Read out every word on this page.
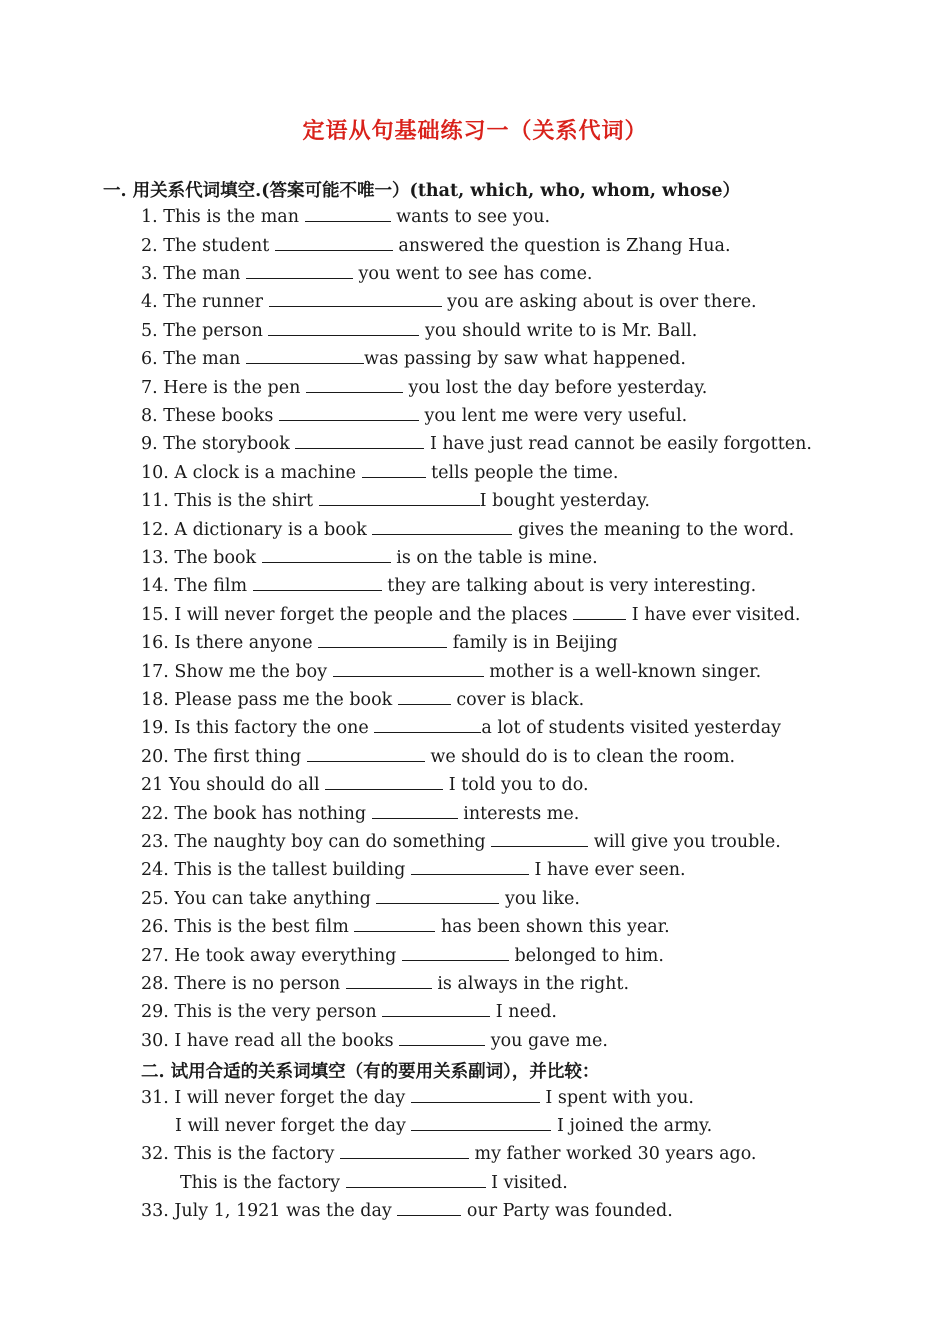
定语从句基础练习一（关系代词）
一. 用关系代词填空.(答案可能不唯一）(that, which, who, whom, whose）
1. This is the man	wants to see you.
2. The student	answered the question is Zhang Hua.
3. The man	you went to see has come.
4. The runner	you are asking about is over there.
5. The person	you should write to is Mr. Ball.
6. The man	was passing by saw what happened.
7. Here is the pen	you lost the day before yesterday.
8. These books	you lent me were very useful.
9. The storybook	I have just read cannot be easily forgotten.
10. A clock is a machine	tells people the time.
11. This is the shirt	I bought yesterday.
12. A dictionary is a book	gives the meaning to the word.
13. The book	is on the table is mine.
14. The film	they are talking about is very interesting.
15. I will never forget the people and the places	I have ever visited.
16. Is there anyone	family is in Beijing
17. Show me the boy	mother is a well-known singer.
18. Please pass me the book	cover is black.
19. Is this factory the one	a lot of students visited yesterday
20. The first thing	we should do is to clean the room.
21 You should do all	I told you to do.
22. The book has nothing	interests me.
23. The naughty boy can do something	will give you trouble.
24. This is the tallest building	I have ever seen.
25. You can take anything	you like.
26. This is the best film	has been shown this year.
27. He took away everything	belonged to him.
28. There is no person	is always in the right.
29. This is the very person	I need.
30. I have read all the books	you gave me.
二. 试用合适的关系词填空（有的要用关系副词），并比较：
31. I will never forget the day	I spent with you.
I will never forget the day	I joined the army.
32. This is the factory	my father worked 30 years ago.
This is the factory	I visited.
33. July 1, 1921 was the day	our Party was founded.
